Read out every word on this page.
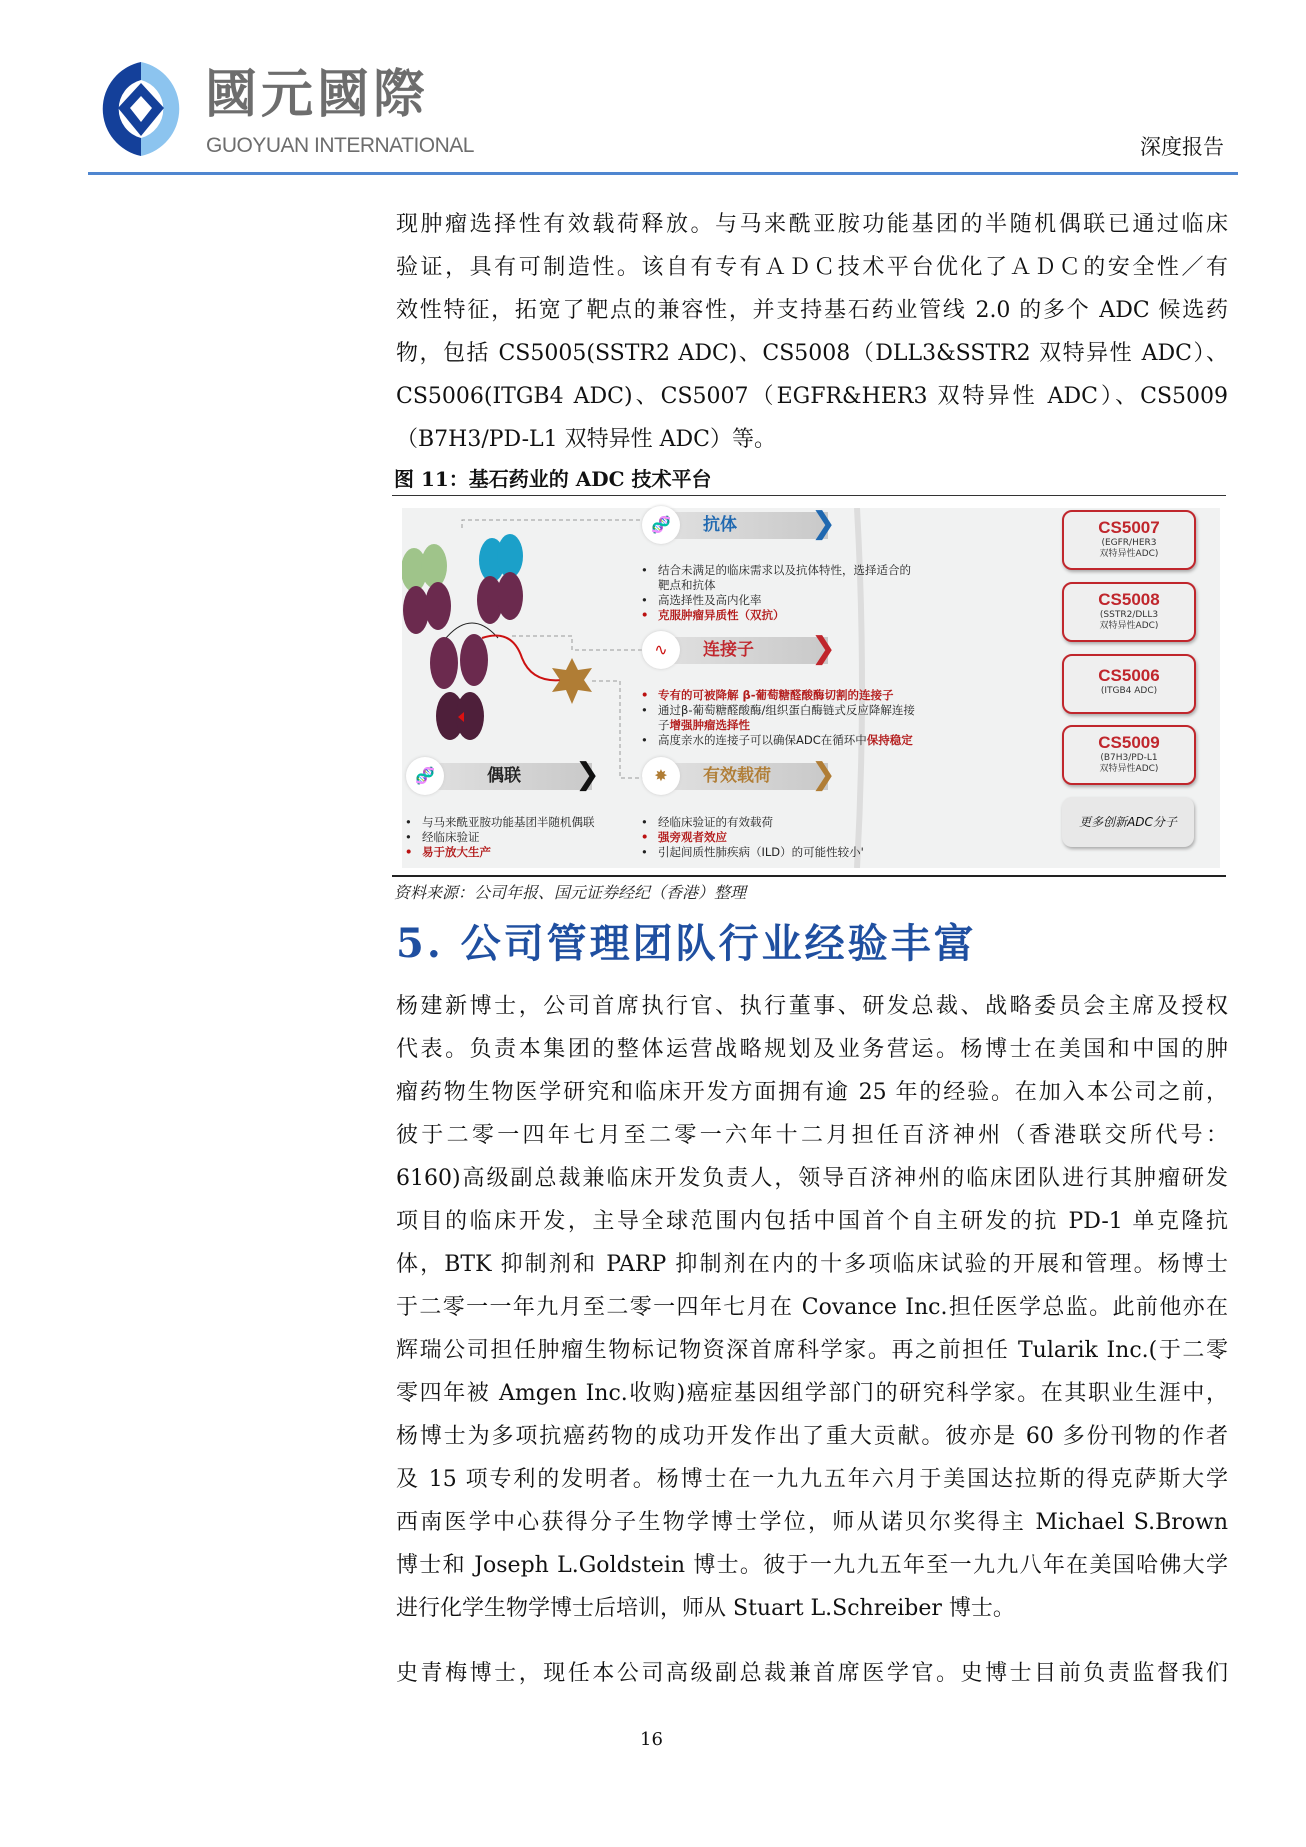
國元國際
GUOYUAN INTERNATIONAL	深度报告
现肿瘤选择性有效载荷释放。与马来酰亚胺功能基团的半随机偶联已通过临床
验证，具有可制造性。该自有专有ＡＤＣ技术平台优化了ＡＤＣ的安全性／有
效性特征，拓宽了靶点的兼容性，并支持基石药业管线 2.0 的多个 ADC 候选药
物，包括 CS5005(SSTR2 ADC)、CS5008（DLL3&SSTR2 双特异性 ADC）、
CS5006(ITGB4 ADC)、CS5007（EGFR&HER3 双特异性 ADC）、CS5009
（B7H3/PD-L1 双特异性 ADC）等。
图 11：基石药业的 ADC 技术平台
🧬	抗体 ❯
• 结合未满足的临床需求以及抗体特性，选择适合的
靶点和抗体
• 高选择性及高内化率
• 克服肿瘤异质性（双抗）
∿	连接子 ❯
• 专有的可被降解 β-葡萄糖醛酸酶切割的连接子
• 通过β-葡萄糖醛酸酶/组织蛋白酶链式反应降解连接
子增强肿瘤选择性
• 高度亲水的连接子可以确保ADC在循环中保持稳定
✸	有效载荷 ❯
• 经临床验证的有效载荷
• 强旁观者效应
• 引起间质性肺疾病（ILD）的可能性较小'
🧬	偶联 ❯
• 与马来酰亚胺功能基团半随机偶联
• 经临床验证
• 易于放大生产
CS5007
(EGFR/HER3
双特异性ADC)
CS5008
(SSTR2/DLL3
双特异性ADC)
CS5006
(ITGB4 ADC)
CS5009
(B7H3/PD-L1
双特异性ADC)
更多创新ADC分子
资料来源：公司年报、国元证券经纪（香港）整理
5. 公司管理团队行业经验丰富
杨建新博士，公司首席执行官、执行董事、研发总裁、战略委员会主席及授权
代表。负责本集团的整体运营战略规划及业务营运。杨博士在美国和中国的肿
瘤药物生物医学研究和临床开发方面拥有逾 25 年的经验。在加入本公司之前，
彼于二零一四年七月至二零一六年十二月担任百济神州（香港联交所代号：
6160)高级副总裁兼临床开发负责人，领导百济神州的临床团队进行其肿瘤研发
项目的临床开发，主导全球范围内包括中国首个自主研发的抗 PD-1 单克隆抗
体，BTK 抑制剂和 PARP 抑制剂在内的十多项临床试验的开展和管理。杨博士
于二零一一年九月至二零一四年七月在 Covance Inc.担任医学总监。此前他亦在
辉瑞公司担任肿瘤生物标记物资深首席科学家。再之前担任 Tularik Inc.(于二零
零四年被 Amgen Inc.收购)癌症基因组学部门的研究科学家。在其职业生涯中，
杨博士为多项抗癌药物的成功开发作出了重大贡献。彼亦是 60 多份刊物的作者
及 15 项专利的发明者。杨博士在一九九五年六月于美国达拉斯的得克萨斯大学
西南医学中心获得分子生物学博士学位，师从诺贝尔奖得主 Michael S.Brown
博士和 Joseph L.Goldstein 博士。彼于一九九五年至一九九八年在美国哈佛大学
进行化学生物学博士后培训，师从 Stuart L.Schreiber 博士。
史青梅博士，现任本公司高级副总裁兼首席医学官。史博士目前负责监督我们
16
